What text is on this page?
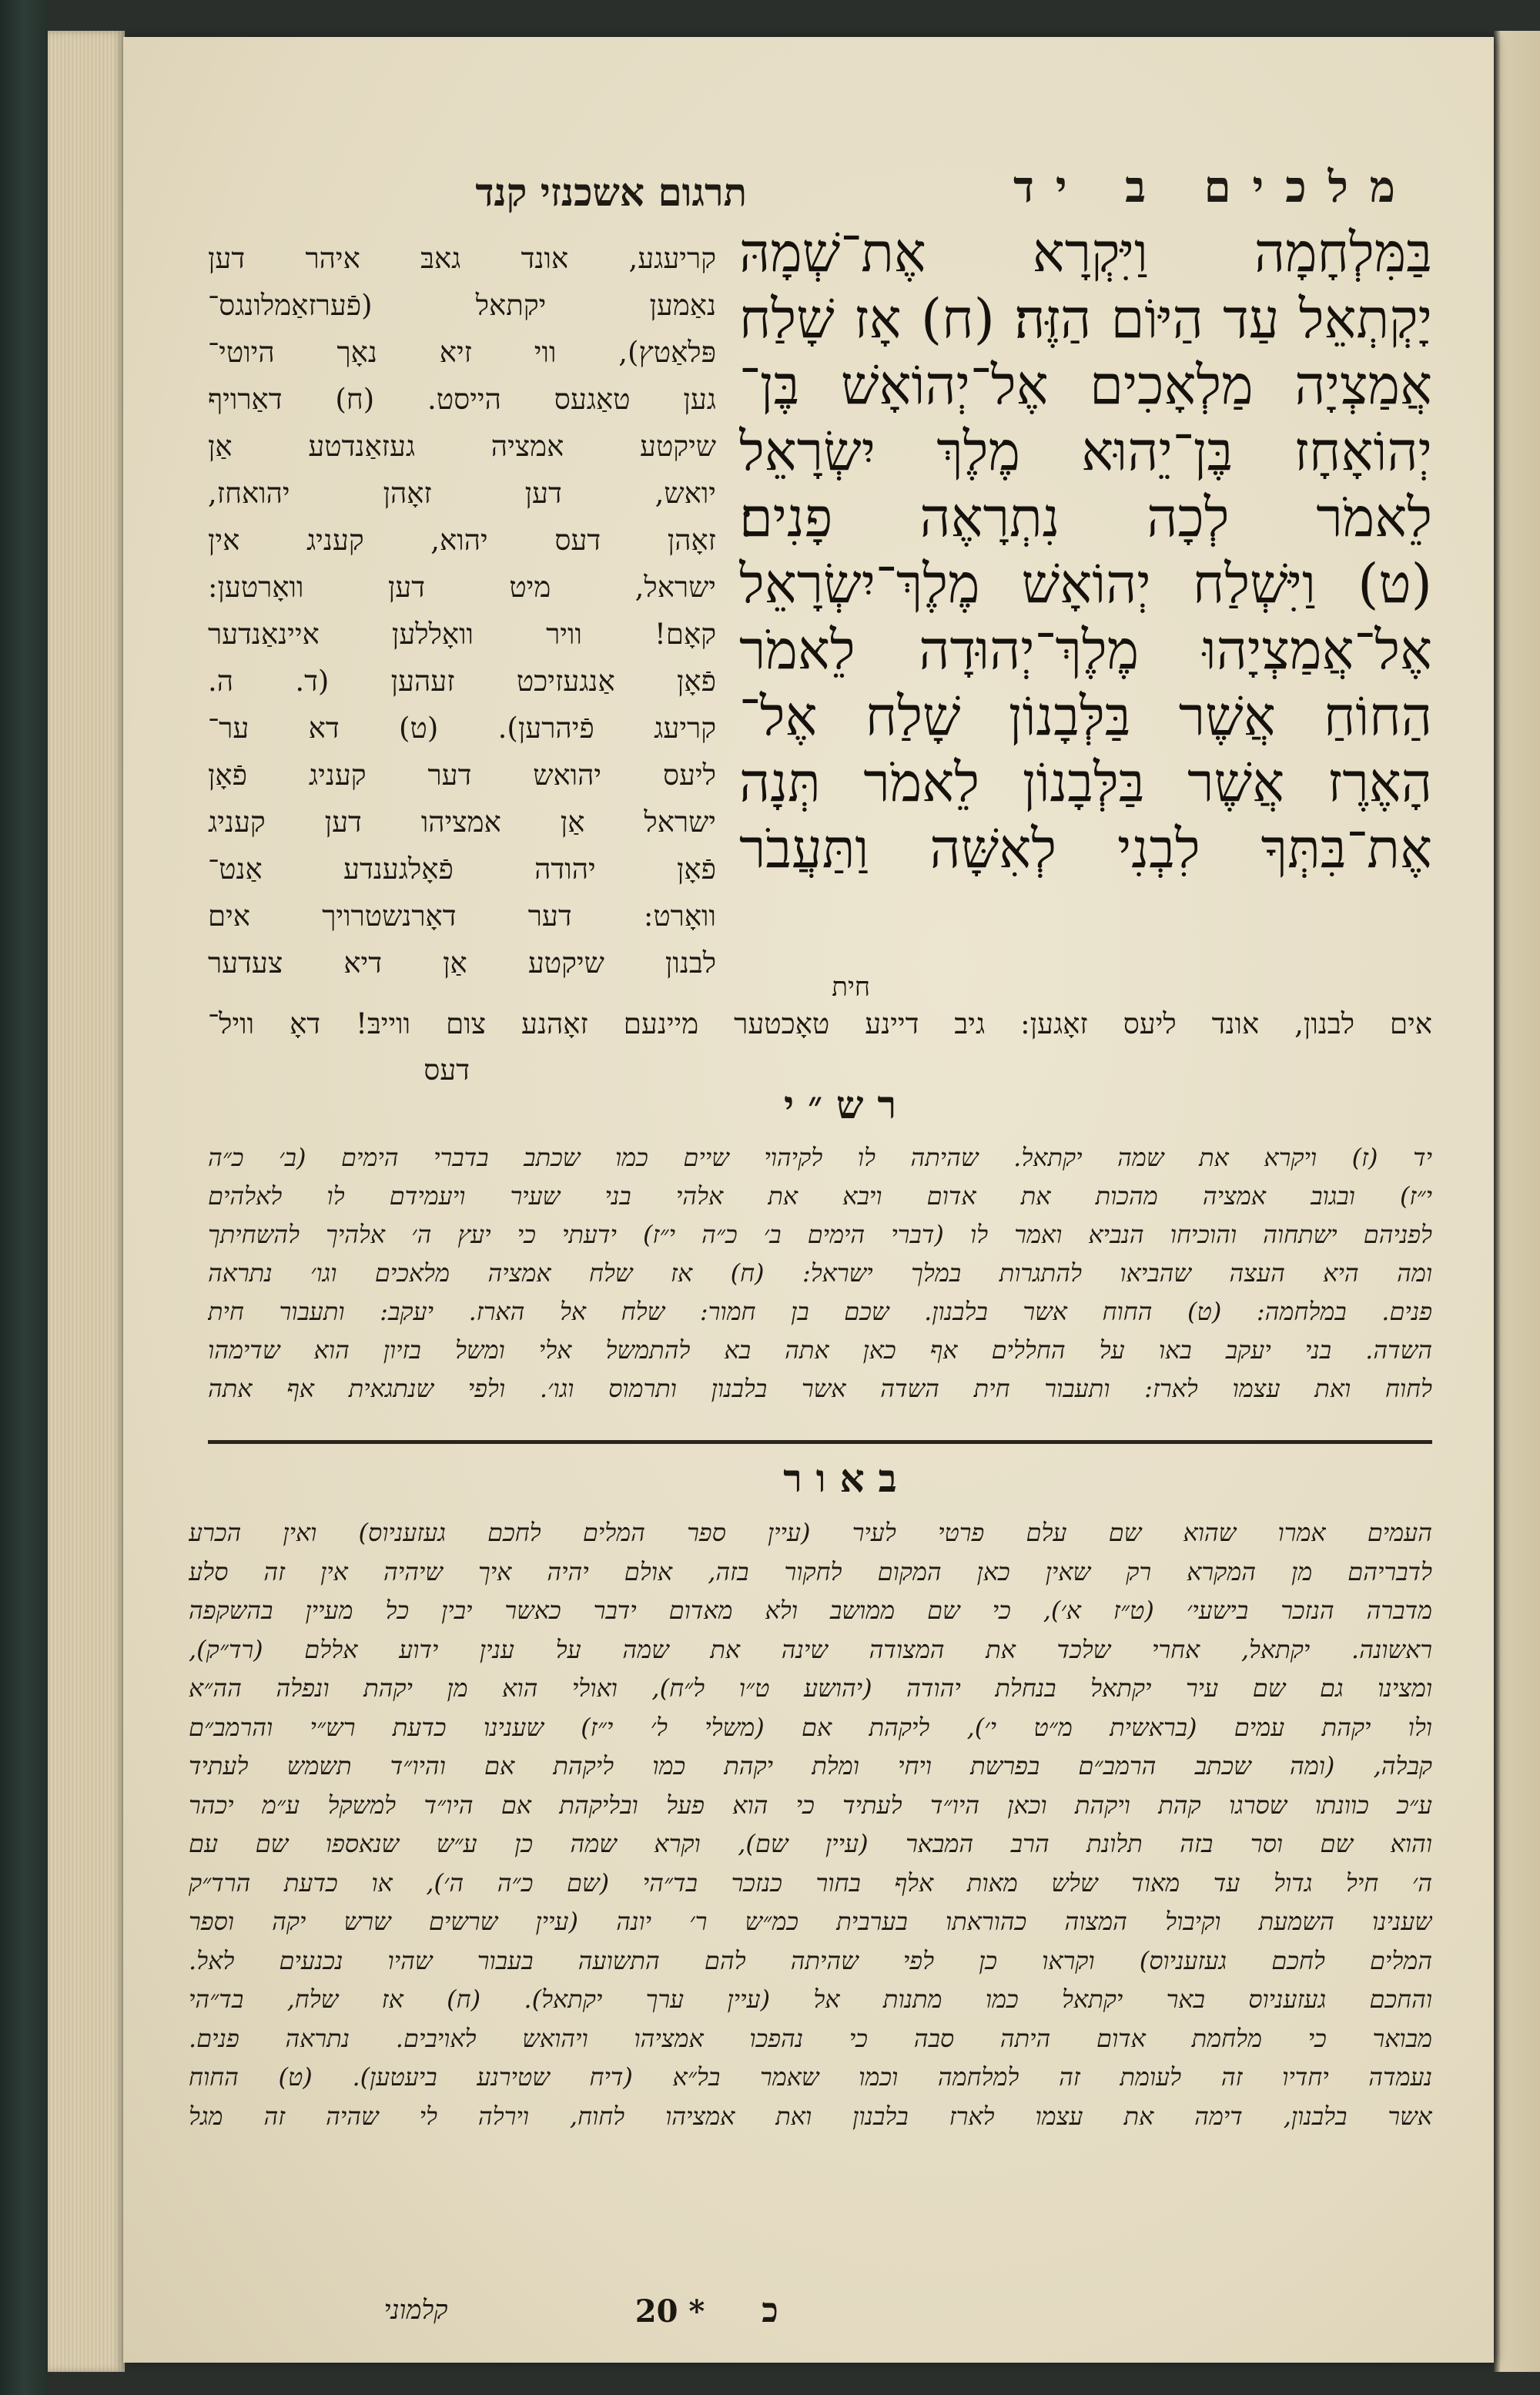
מלכים ב יד
תרגום אשכנזי קנד
בַּמִּלְחָמָה וַיִּקְרָא אֶת־שְׁמָהּ
יָקְתְאֵל עַד הַיּוֹם הַזֶּה׃ (ח) אָז שָׁלַח
אֲמַצְיָה מַלְאָכִים אֶל־יְהוֹאָשׁ בֶּן־
יְהוֹאָחָז בֶּן־יֵהוּא מֶלֶךְ יִשְׂרָאֵל
לֵאמֹר לְכָה נִתְרָאֶה פָנִים׃
(ט) וַיִּשְׁלַח יְהוֹאָשׁ מֶלֶךְ־יִשְׂרָאֵל
אֶל־אֲמַצְיָהוּ מֶלֶךְ־יְהוּדָה לֵאמֹר
הַחוֹחַ אֲשֶׁר בַּלְּבָנוֹן שָׁלַח אֶל־
הָאֶרֶז אֲשֶׁר בַּלְּבָנוֹן לֵאמֹר תְּנָה
אֶת־בִּתְּךָ לִבְנִי לְאִשָּׁה וַתַּעֲבֹר
קריעגע, אונד גאבּ איהר דען
נאַמען יקתאל (פֿערזאַמלונגס־
פּלאַטץ), ווי זיא נאָך היוטי־
גען טאַגעס הייסט. (ח) דאַרויף
שיקטע אמציה געזאַנדטע אַן
יואש, דען זאָהן יהואחז,
זאָהן דעס יהוא, קעניג אין
ישראל, מיט דען וואָרטען:
קאָם! וויר וואָללען איינאַנדער
פֿאָן אַנגעזיכט זעהען (ד. ה.
קריעג פֿיהרען). (ט) דא ער־
ליעס יהואש דער קעניג פֿאָן
ישראל אַן אמציהו דען קעניג
פֿאָן יהודה פֿאָלגענדע אַנט־
וואָרט: דער דאָרנשטרויך אים
לבנון שיקטע אַן דיא צעדער
חית
אים לבנון, אונד ליעס זאָגען: גיב דיינע טאָכטער מיינעם זאָהנע צום ווייבּ! דאָ וויל־
דעס
רש״י
יד (ז) ויקרא את שמה יקתאל. שהיתה לו לקיהוי שיים כמו שכתב בדברי הימים (ב׳ כ״ה
י״ז) ובגוב אמציה מהכות את אדום ויבא את אלהי בני שעיר ויעמידם לו לאלהים
לפניהם ישתחוה והוכיחו הנביא ואמר לו (דברי הימים ב׳ כ״ה י״ז) ידעתי כי יעץ ה׳ אלהיך להשחיתך
ומה היא העצה שהביאו להתגרות במלך ישראל: (ח) אז שלח אמציה מלאכים וגו׳ נתראה
פנים. במלחמה: (ט) החוח אשר בלבנון. שכם בן חמור: שלח אל הארז. יעקב: ותעבור חית
השדה. בני יעקב באו על החללים אף כאן אתה בא להתמשל אלי ומשל בזיון הוא שדימהו
לחוח ואת עצמו לארז: ותעבור חית השדה אשר בלבנון ותרמוס וגו׳. ולפי שנתגאית אף אתה
באור
העמים אמרו שהוא שם עלם פרטי לעיר (עיין ספר המלים לחכם געזעניוס) ואין הכרע
לדבריהם מן המקרא רק שאין כאן המקום לחקור בזה, אולם יהיה איך שיהיה אין זה סלע
מדברה הנזכר בישעי׳ (ט״ז א׳), כי שם ממושב ולא מאדום ידבר כאשר יבין כל מעיין בהשקפה
ראשונה. יקתאל, אחרי שלכד את המצודה שינה את שמה על ענין ידוע אללם (רד״ק),
ומצינו גם שם עיר יקתאל בנחלת יהודה (יהושע ט״ו ל״ח), ואולי הוא מן יקהת ונפלה הה״א
ולו יקהת עמים (בראשית מ״ט י׳), ליקהת אם (משלי ל׳ י״ז) שענינו כדעת רש״י והרמב״ם
קבלה, (ומה שכתב הרמב״ם בפרשת ויחי ומלת יקהת כמו ליקהת אם והיו״ד תשמש לעתיד
ע״כ כוונתו שסרגו קהת ויקהת וכאן היו״ד לעתיד כי הוא פעל ובליקהת אם היו״ד למשקל ע״מ יכהר
והוא שם וסר בזה תלונת הרב המבאר (עיין שם), וקרא שמה כן ע״ש שנאספו שם עם
ה׳ חיל גדול עד מאוד שלש מאות אלף בחור כנזכר בד״הי (שם כ״ה ה׳), או כדעת הרד״ק
שענינו השמעת וקיבול המצוה כהוראתו בערבית כמ״ש ר׳ יונה (עיין שרשים שרש יקה וספר
המלים לחכם געזעניוס) וקראו כן לפי שהיתה להם התשועה בעבור שהיו נכנעים לאל.
והחכם געזעניוס באר יקתאל כמו מתנות אל (עיין ערך יקתאל). (ח) אז שלח, בד״הי
מבואר כי מלחמת אדום היתה סבה כי נהפכו אמציהו ויהואש לאויבים. נתראה פנים.
נעמדה יחדיו זה לעומת זה למלחמה וכמו שאמר בל״א (דיח שטירנע ביעטען). (ט) החוח
אשר בלבנון, דימה את עצמו לארז בלבנון ואת אמציהו לחוח, וירלה לי שהיה זה מגל
כ
20 *
קלמוני
